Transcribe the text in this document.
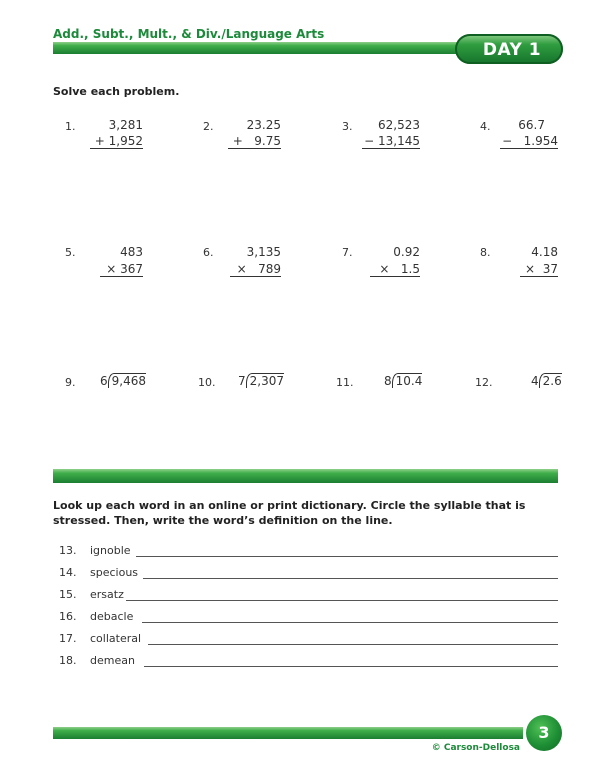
Add., Subt., Mult., & Div./Language Arts
DAY 1
Solve each problem.
1.	3,281
+ 1,952
2.	23.25
+   9.75
3.	62,523
− 13,145
4.	66.7
−   1.954
5.	483
× 367
6.	3,135
×   789
7.	0.92
×   1.5
8.	4.18
×  37
9. 6 9,468	10. 7 2,307	11.	8 10.4	12.	4 2.6
Look up each word in an online or print dictionary. Circle the syllable that is
stressed. Then, write the word’s definition on the line.
13. ignoble
14. specious
15. ersatz
16. debacle
17. collateral
18. demean
3
© Carson-Dellosa
